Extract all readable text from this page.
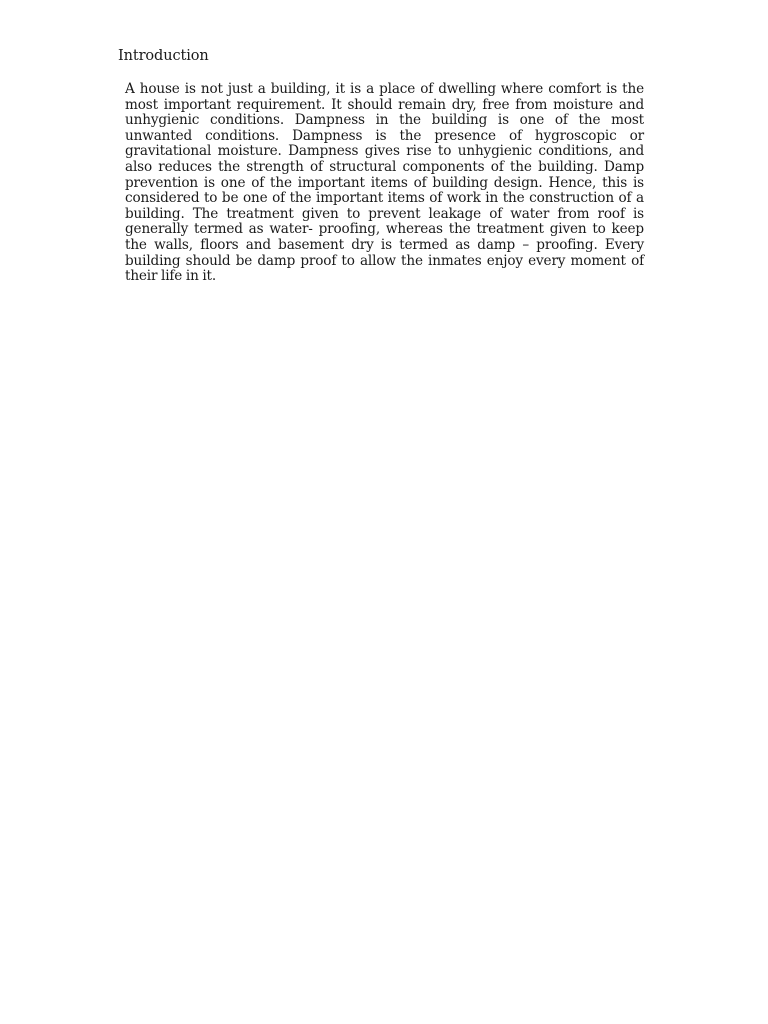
Introduction

A house is not just a building, it is a place of dwelling where comfort is the most important requirement. It should remain dry, free from moisture and unhygienic conditions. Dampness in the building is one of the most unwanted conditions. Dampness is the presence of hygroscopic or gravitational moisture. Dampness gives rise to unhygienic conditions, and also reduces the strength of structural components of the building. Damp prevention is one of the important items of building design. Hence, this is considered to be one of the important items of work in the construction of a building. The treatment given to prevent leakage of water from roof is generally termed as water- proofing, whereas the treatment given to keep the walls, floors and basement dry is termed as damp – proofing. Every building should be damp proof to allow the inmates enjoy every moment of their life in it.
